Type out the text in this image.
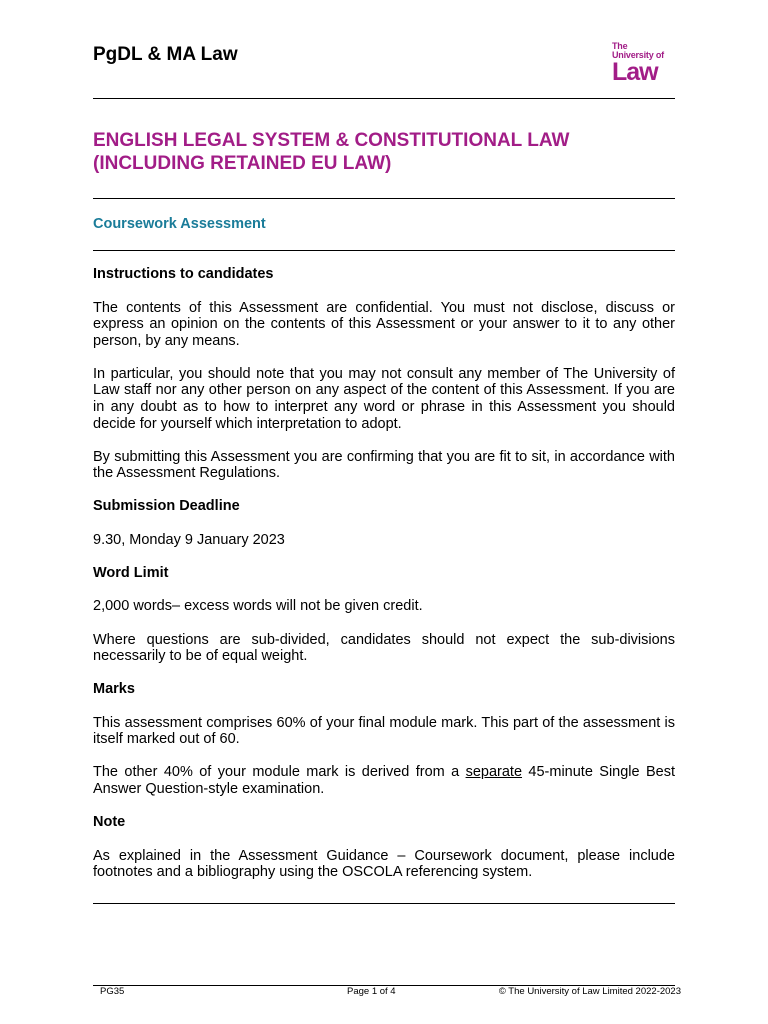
PgDL & MA Law	The
University of
Law
ENGLISH LEGAL SYSTEM & CONSTITUTIONAL LAW (INCLUDING RETAINED EU LAW)
Coursework Assessment
Instructions to candidates

The contents of this Assessment are confidential. You must not disclose, discuss or express an opinion on the contents of this Assessment or your answer to it to any other person, by any means.

In particular, you should note that you may not consult any member of The University of Law staff nor any other person on any aspect of the content of this Assessment. If you are in any doubt as to how to interpret any word or phrase in this Assessment you should decide for yourself which interpretation to adopt.

By submitting this Assessment you are confirming that you are fit to sit, in accordance with the Assessment Regulations.

Submission Deadline

9.30, Monday 9 January 2023

Word Limit

2,000 words– excess words will not be given credit.

Where questions are sub-divided, candidates should not expect the sub-divisions necessarily to be of equal weight.

Marks

This assessment comprises 60% of your final module mark. This part of the assessment is itself marked out of 60.

The other 40% of your module mark is derived from a separate 45-minute Single Best Answer Question-style examination.

Note

As explained in the Assessment Guidance – Coursework document, please include footnotes and a bibliography using the OSCOLA referencing system.

PG35	Page 1 of 4	© The University of Law Limited 2022-2023
